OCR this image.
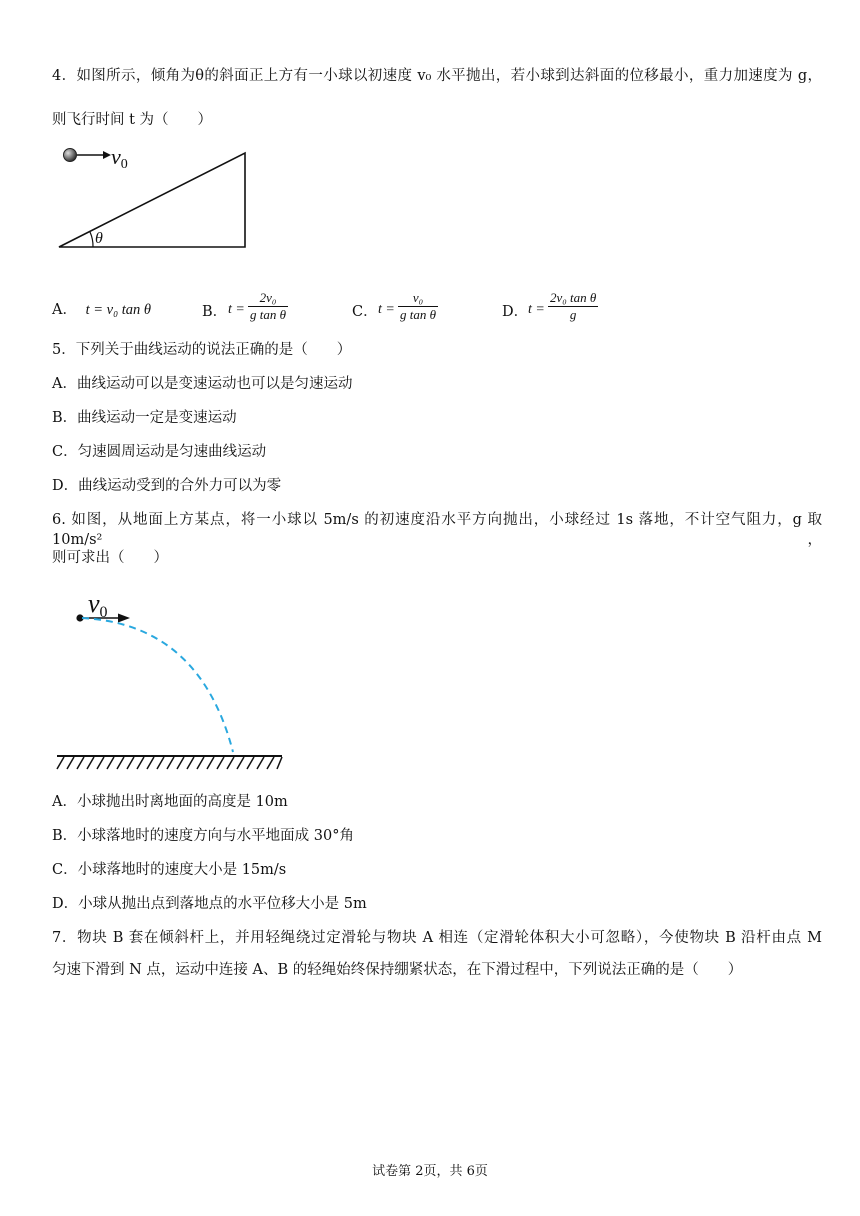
4．如图所示，倾角为θ的斜面正上方有一小球以初速度 v₀ 水平抛出，若小球到达斜面的位移最小，重力加速度为 g，
则飞行时间 t 为（　　）
v0
θ
A． t = v₀ tan θ	B． $t = \frac{\text{2v₀}}{\text{g tan θ}}$	C． $t = \frac{\text{v₀}}{\text{g tan θ}}$	D． $t = \frac{\text{2v₀ tan θ}}{g}$
5．下列关于曲线运动的说法正确的是（　　）
A．曲线运动可以是变速运动也可以是匀速运动
B．曲线运动一定是变速运动
C．匀速圆周运动是匀速曲线运动
D．曲线运动受到的合外力可以为零
6. 如图，从地面上方某点，将一小球以 5m/s 的初速度沿水平方向抛出，小球经过 1s 落地，不计空气阻力，g 取 10m/s²，
则可求出（　　）
v0
A．小球抛出时离地面的高度是 10m
B．小球落地时的速度方向与水平地面成 30°角
C．小球落地时的速度大小是 15m/s
D．小球从抛出点到落地点的水平位移大小是 5m
7．物块 B 套在倾斜杆上，并用轻绳绕过定滑轮与物块 A 相连（定滑轮体积大小可忽略），今使物块 B 沿杆由点 M
匀速下滑到 N 点，运动中连接 A、B 的轻绳始终保持绷紧状态，在下滑过程中，下列说法正确的是（　　）
试卷第 2页，共 6页
